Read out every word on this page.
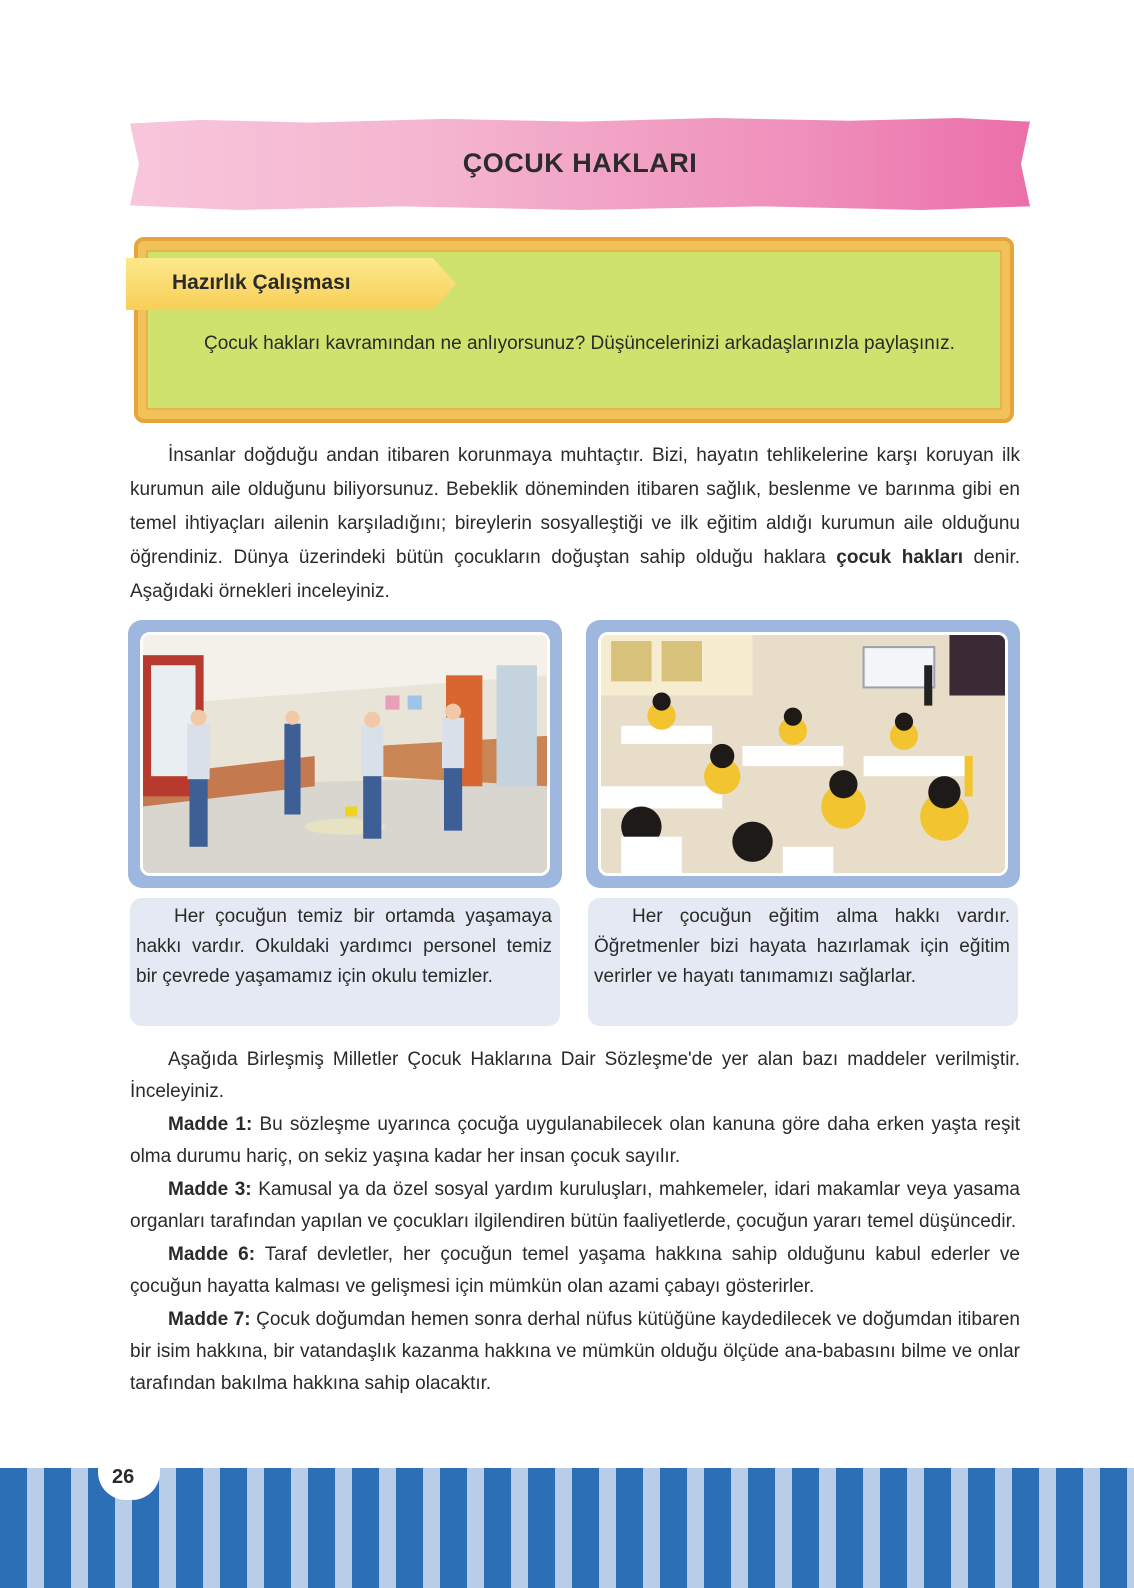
ÇOCUK HAKLARI
Hazırlık Çalışması
Çocuk hakları kavramından ne anlıyorsunuz? Düşüncelerinizi arkadaşlarınızla paylaşınız.
İnsanlar doğduğu andan itibaren korunmaya muhtaçtır. Bizi, hayatın tehlikelerine karşı koruyan ilk kurumun aile olduğunu biliyorsunuz. Bebeklik döneminden itibaren sağlık, beslenme ve barınma gibi en temel ihtiyaçları ailenin karşıladığını; bireylerin sosyalleştiği ve ilk eğitim aldığı kurumun aile olduğunu öğrendiniz. Dünya üzerindeki bütün çocukların doğuştan sahip olduğu haklara çocuk hakları denir. Aşağıdaki örnekleri inceleyiniz.
Her çocuğun temiz bir ortamda yaşamaya hakkı vardır. Okuldaki yardımcı personel temiz bir çevrede yaşamamız için okulu temizler.
Her çocuğun eğitim alma hakkı vardır. Öğretmenler bizi hayata hazırlamak için eğitim verirler ve hayatı tanımamızı sağlarlar.

Aşağıda Birleşmiş Milletler Çocuk Haklarına Dair Sözleşme'de yer alan bazı maddeler verilmiştir. İnceleyiniz.

Madde 1: Bu sözleşme uyarınca çocuğa uygulanabilecek olan kanuna göre daha erken yaşta reşit olma durumu hariç, on sekiz yaşına kadar her insan çocuk sayılır.

Madde 3: Kamusal ya da özel sosyal yardım kuruluşları, mahkemeler, idari makamlar veya yasama organları tarafından yapılan ve çocukları ilgilendiren bütün faaliyetlerde, çocuğun yararı temel düşüncedir.

Madde 6: Taraf devletler, her çocuğun temel yaşama hakkına sahip olduğunu kabul ederler ve çocuğun hayatta kalması ve gelişmesi için mümkün olan azami çabayı gösterirler.

Madde 7: Çocuk doğumdan hemen sonra derhal nüfus kütüğüne kaydedilecek ve doğumdan itibaren bir isim hakkına, bir vatandaşlık kazanma hakkına ve mümkün olduğu ölçüde ana-babasını bilme ve onlar tarafından bakılma hakkına sahip olacaktır.

26
